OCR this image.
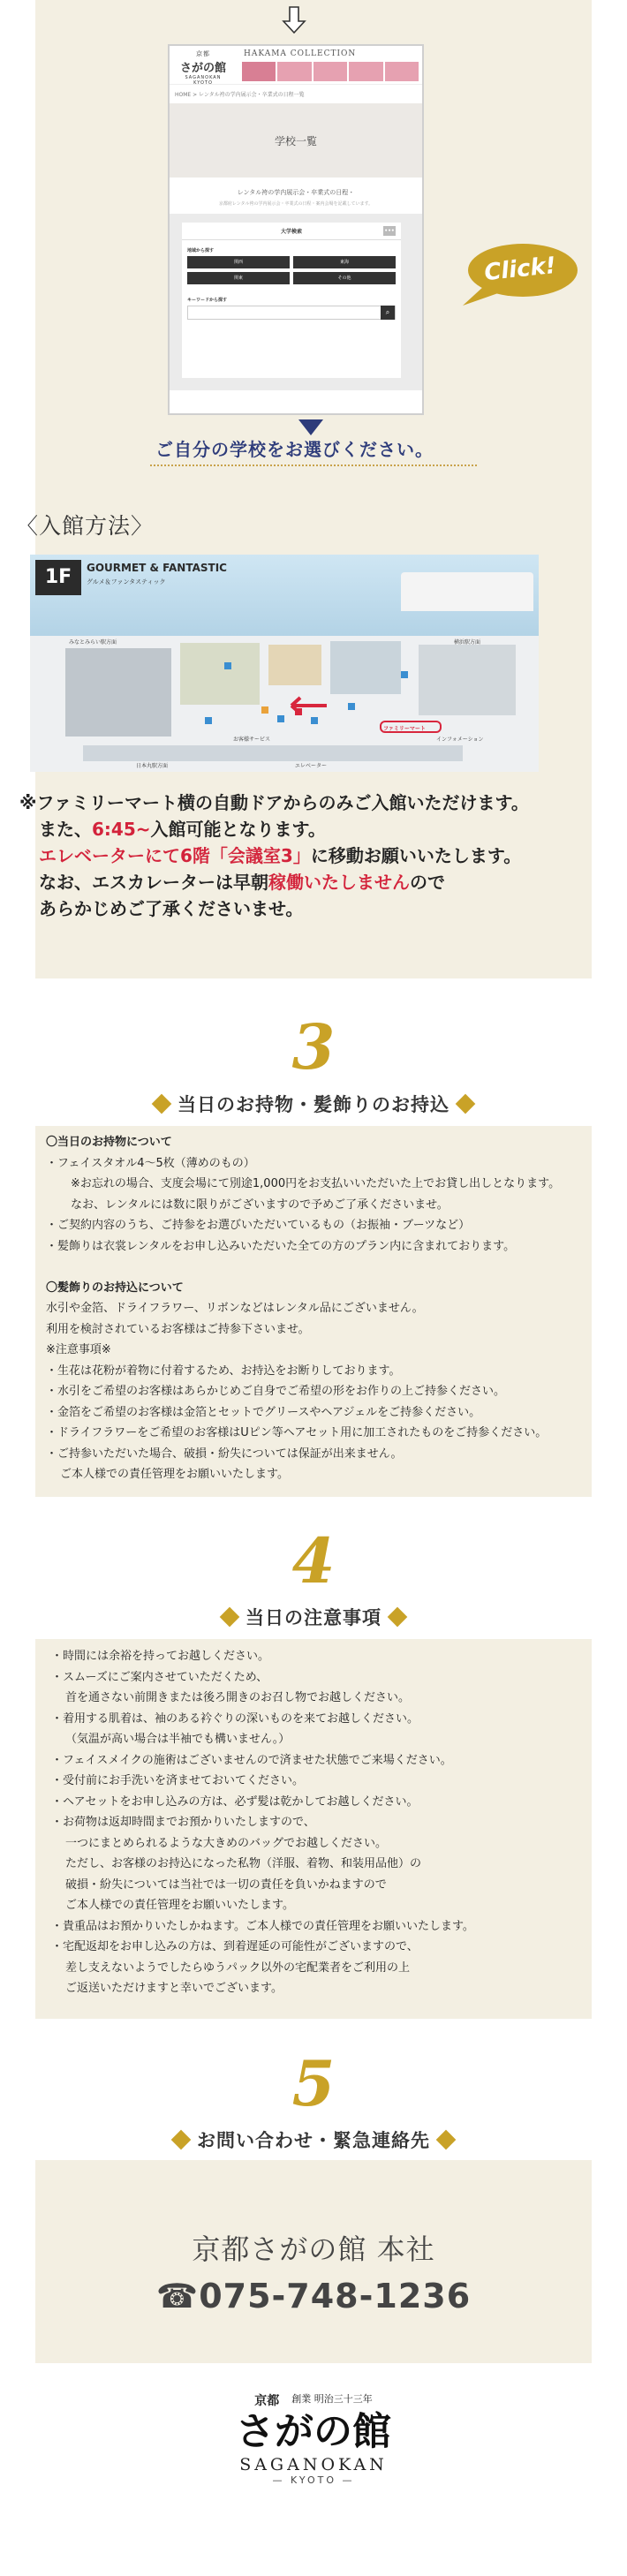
京都
さがの館
SAGANOKAN KYOTO
HAKAMA COLLECTION
HOME > レンタル袴の学内展示会・卒業式の日程一覧
学校一覧
レンタル袴の学内展示会・卒業式の日程・
京都府レンタル袴の学内展示会・卒業式の日程・案内会場を記載しています。
大学検索	•••
地域から探す
関西	東海
関東	その他
キーワードから探す
⌕
Click!
ご自分の学校をお選びください。
〈入館方法〉
1F	GOURMET & FANTASTIC
グルメ＆ファンタスティック
みなとみらい駅方面	横浜駅方面
日本丸駅方面
ファミリーマート
エレベーター
お客様サービス	インフォメーション
※ファミリーマート横の自動ドアからのみご入館いただけます。
また、6:45~入館可能となります。
エレベーターにて6階「会議室3」に移動お願いいたします。
なお、エスカレーターは早朝稼働いたしませんので
あらかじめご了承くださいませ。
3
当日のお持物・髪飾りのお持込
〇当日のお持物について
・フェイスタオル4～5枚（薄めのもの）
※お忘れの場合、支度会場にて別途1,000円をお支払いいただいた上でお貸し出しとなります。
なお、レンタルには数に限りがございますので予めご了承くださいませ。
・ご契約内容のうち、ご持参をお選びいただいているもの（お振袖・ブーツなど）
・髪飾りは衣裳レンタルをお申し込みいただいた全ての方のプラン内に含まれております。

〇髪飾りのお持込について
水引や金箔、ドライフラワー、リボンなどはレンタル品にございません。
利用を検討されているお客様はご持参下さいませ。
※注意事項※
・生花は花粉が着物に付着するため、お持込をお断りしております。
・水引をご希望のお客様はあらかじめご自身でご希望の形をお作りの上ご持参ください。
・金箔をご希望のお客様は金箔とセットでグリースやヘアジェルをご持参ください。
・ドライフラワーをご希望のお客様はUピン等ヘアセット用に加工されたものをご持参ください。
・ご持参いただいた場合、破損・紛失については保証が出来ません。
ご本人様での責任管理をお願いいたします。
4
当日の注意事項
・時間には余裕を持ってお越しください。
・スムーズにご案内させていただくため、
首を通さない前開きまたは後ろ開きのお召し物でお越しください。
・着用する肌着は、袖のある衿ぐりの深いものを来てお越しください。
（気温が高い場合は半袖でも構いません。）
・フェイスメイクの施術はございませんので済ませた状態でご来場ください。
・受付前にお手洗いを済ませておいてください。
・ヘアセットをお申し込みの方は、必ず髪は乾かしてお越しください。
・お荷物は返却時間までお預かりいたしますので、
一つにまとめられるような大きめのバッグでお越しください。
ただし、お客様のお持込になった私物（洋服、着物、和装用品他）の
破損・紛失については当社では一切の責任を負いかねますので
ご本人様での責任管理をお願いいたします。
・貴重品はお預かりいたしかねます。ご本人様での責任管理をお願いいたします。
・宅配返却をお申し込みの方は、到着遅延の可能性がございますので、
差し支えないようでしたらゆうパック以外の宅配業者をご利用の上
ご返送いただけますと幸いでございます。
5
お問い合わせ・緊急連絡先
京都さがの館 本社
☎075-748-1236
京都 創業 明治三十三年
さがの館
SAGANOKAN
— KYOTO —
